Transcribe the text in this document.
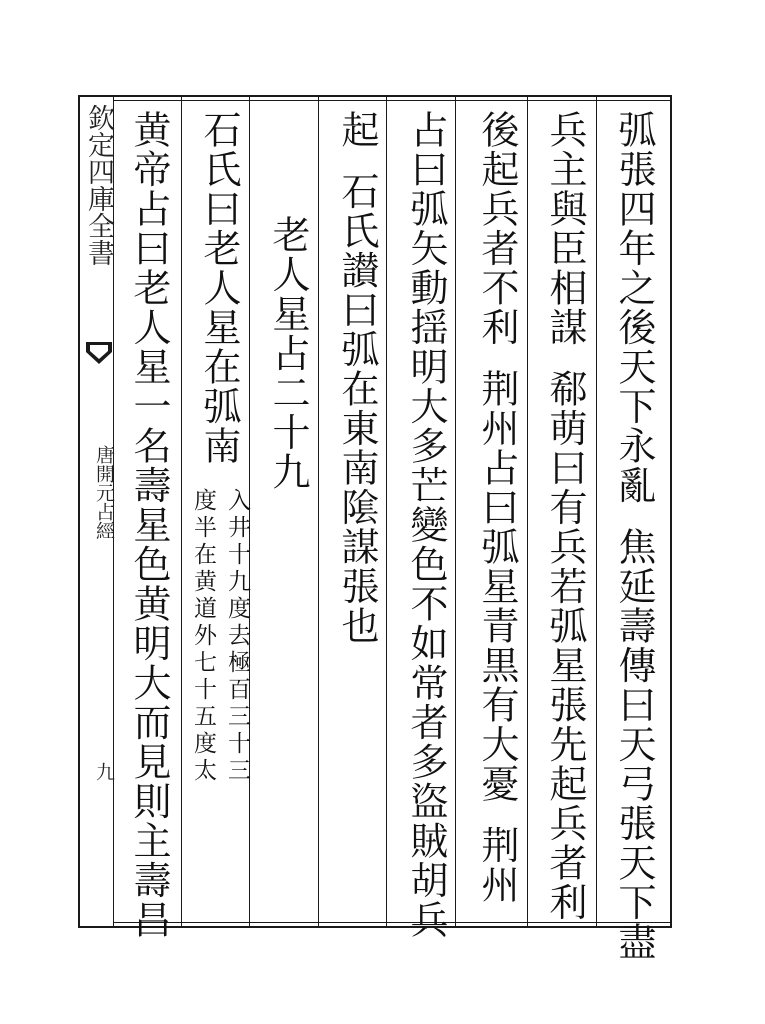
欽定四庫全書
唐開元占經
九
弧張四年之後天下永亂焦延壽傳曰天弓張天下盡
兵主與臣相謀郗萌曰有兵若弧星張先起兵者利
後起兵者不利荆州占曰弧星青黒有大憂荆州
占曰弧矢動揺明大多芒變色不如常者多盜賊胡兵
起石氏讃曰弧在東南隂謀張也
老人星占二十九
石氏曰老人星在弧南
入井十九度去極百三十三
度半在黄道外七十五度太
黄帝占曰老人星一名壽星色黄明大而見則主壽昌
